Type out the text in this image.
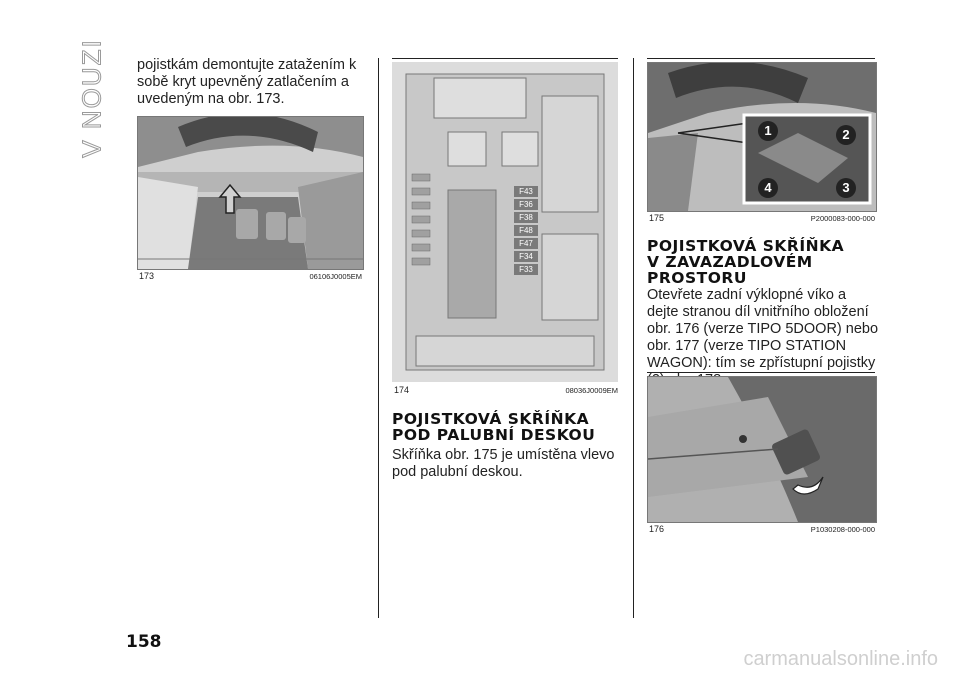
V NOUZI pojistkám demontujte zatažením k sobě kryt upevněný zatlačením a uvedeným na obr. 173.
173	06106J0005EM
F43
F36
F38
F48
F47
F34
F33
174	08036J0009EM
POJISTKOVÁ SKŘÍŇKA POD PALUBNÍ DESKOU
Skříňka obr. 175 je umístěna vlevo pod palubní deskou.
1	2
3
4
175	P2000083-000-000
POJISTKOVÁ SKŘÍŇKA V ZAVAZADLOVÉM PROSTORU
Otevřete zadní výklopné víko a dejte stranou díl vnitřního obložení obr. 176 (verze TIPO 5DOOR) nebo obr. 177 (verze TIPO STATION WAGON): tím se zpřístupní pojistky
176	P1030208-000-000
158
carmanualsonline.info
